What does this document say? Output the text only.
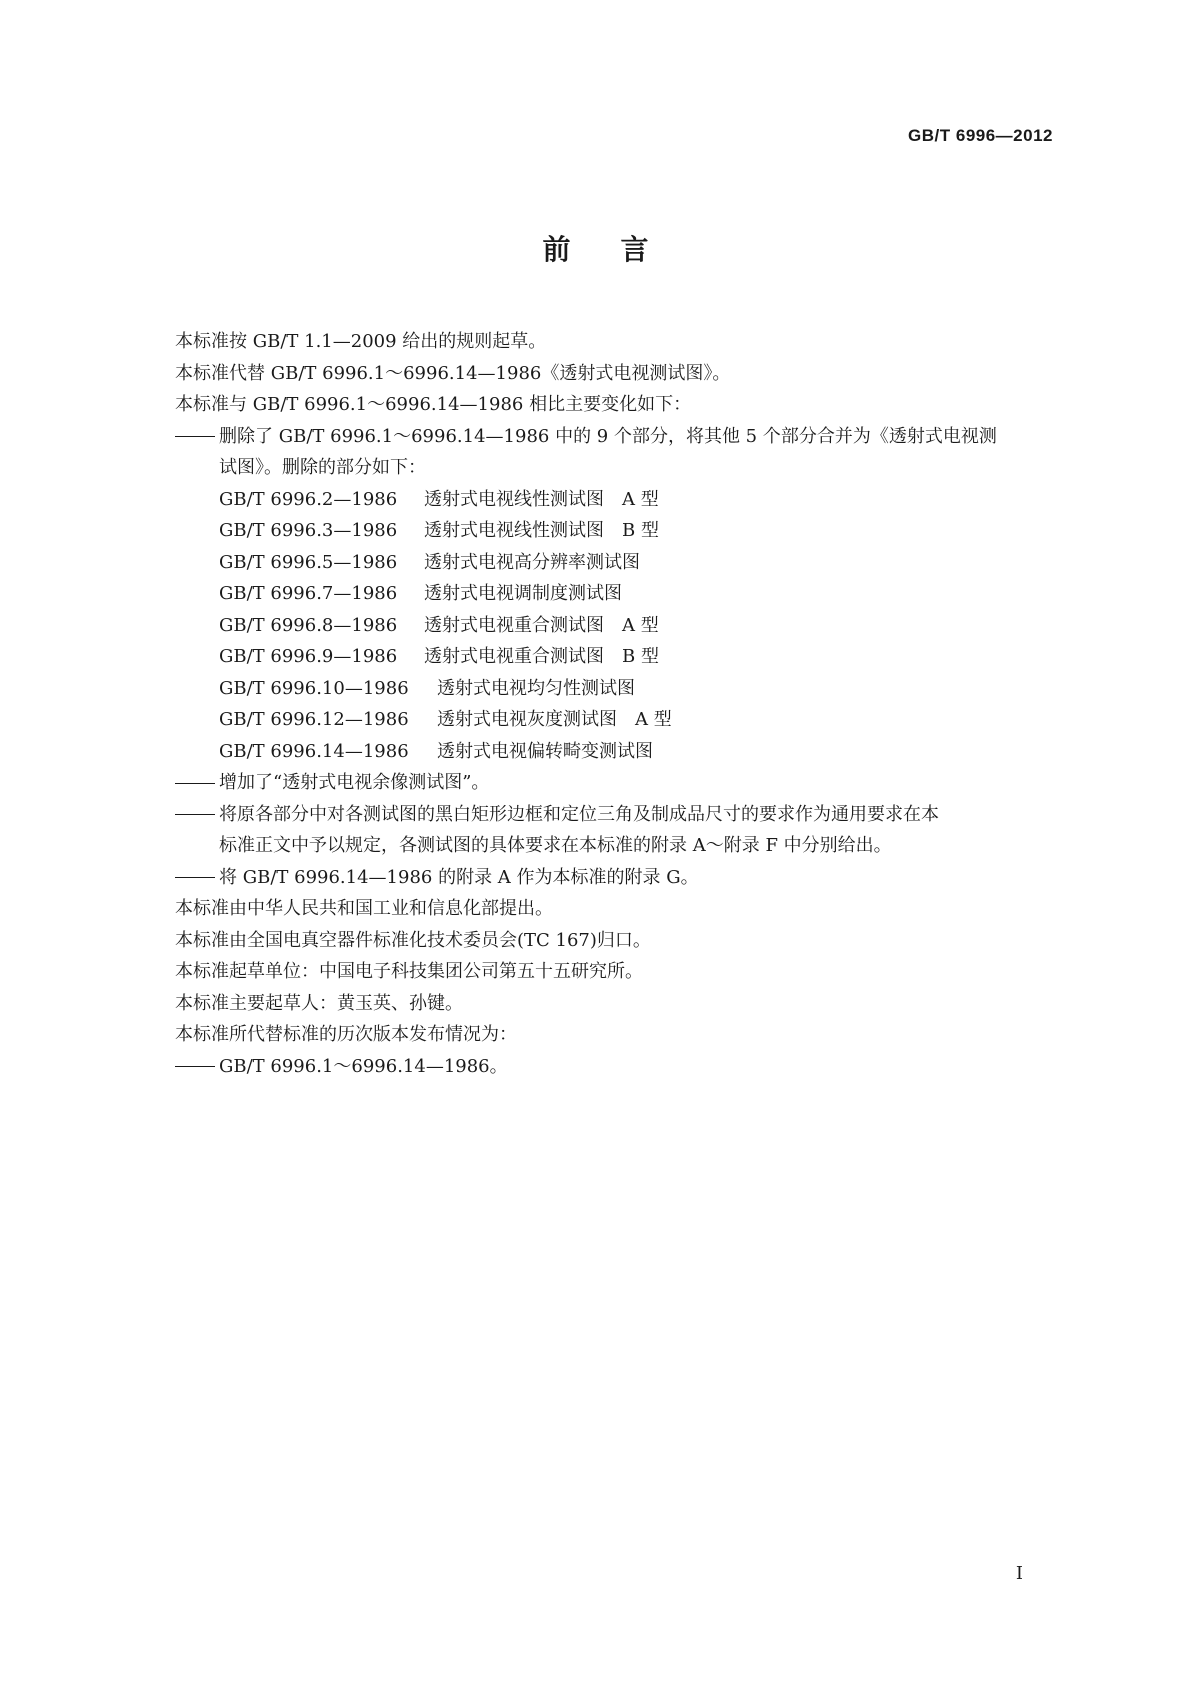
GB/T 6996—2012
前言
本标准按 GB/T 1.1—2009 给出的规则起草。
本标准代替 GB/T 6996.1～6996.14—1986《透射式电视测试图》。
本标准与 GB/T 6996.1～6996.14—1986 相比主要变化如下：
删除了 GB/T 6996.1～6996.14—1986 中的 9 个部分，将其他 5 个部分合并为《透射式电视测
试图》。删除的部分如下：
GB/T 6996.2—1986 透射式电视线性测试图 A 型
GB/T 6996.3—1986 透射式电视线性测试图 B 型
GB/T 6996.5—1986 透射式电视高分辨率测试图
GB/T 6996.7—1986 透射式电视调制度测试图
GB/T 6996.8—1986 透射式电视重合测试图 A 型
GB/T 6996.9—1986 透射式电视重合测试图 B 型
GB/T 6996.10—1986 透射式电视均匀性测试图
GB/T 6996.12—1986 透射式电视灰度测试图 A 型
GB/T 6996.14—1986 透射式电视偏转畸变测试图
增加了“透射式电视余像测试图”。
将原各部分中对各测试图的黑白矩形边框和定位三角及制成品尺寸的要求作为通用要求在本
标准正文中予以规定，各测试图的具体要求在本标准的附录 A～附录 F 中分别给出。
将 GB/T 6996.14—1986 的附录 A 作为本标准的附录 G。
本标准由中华人民共和国工业和信息化部提出。
本标准由全国电真空器件标准化技术委员会(TC 167)归口。
本标准起草单位：中国电子科技集团公司第五十五研究所。
本标准主要起草人：黄玉英、孙键。
本标准所代替标准的历次版本发布情况为：
GB/T 6996.1～6996.14—1986。
I
